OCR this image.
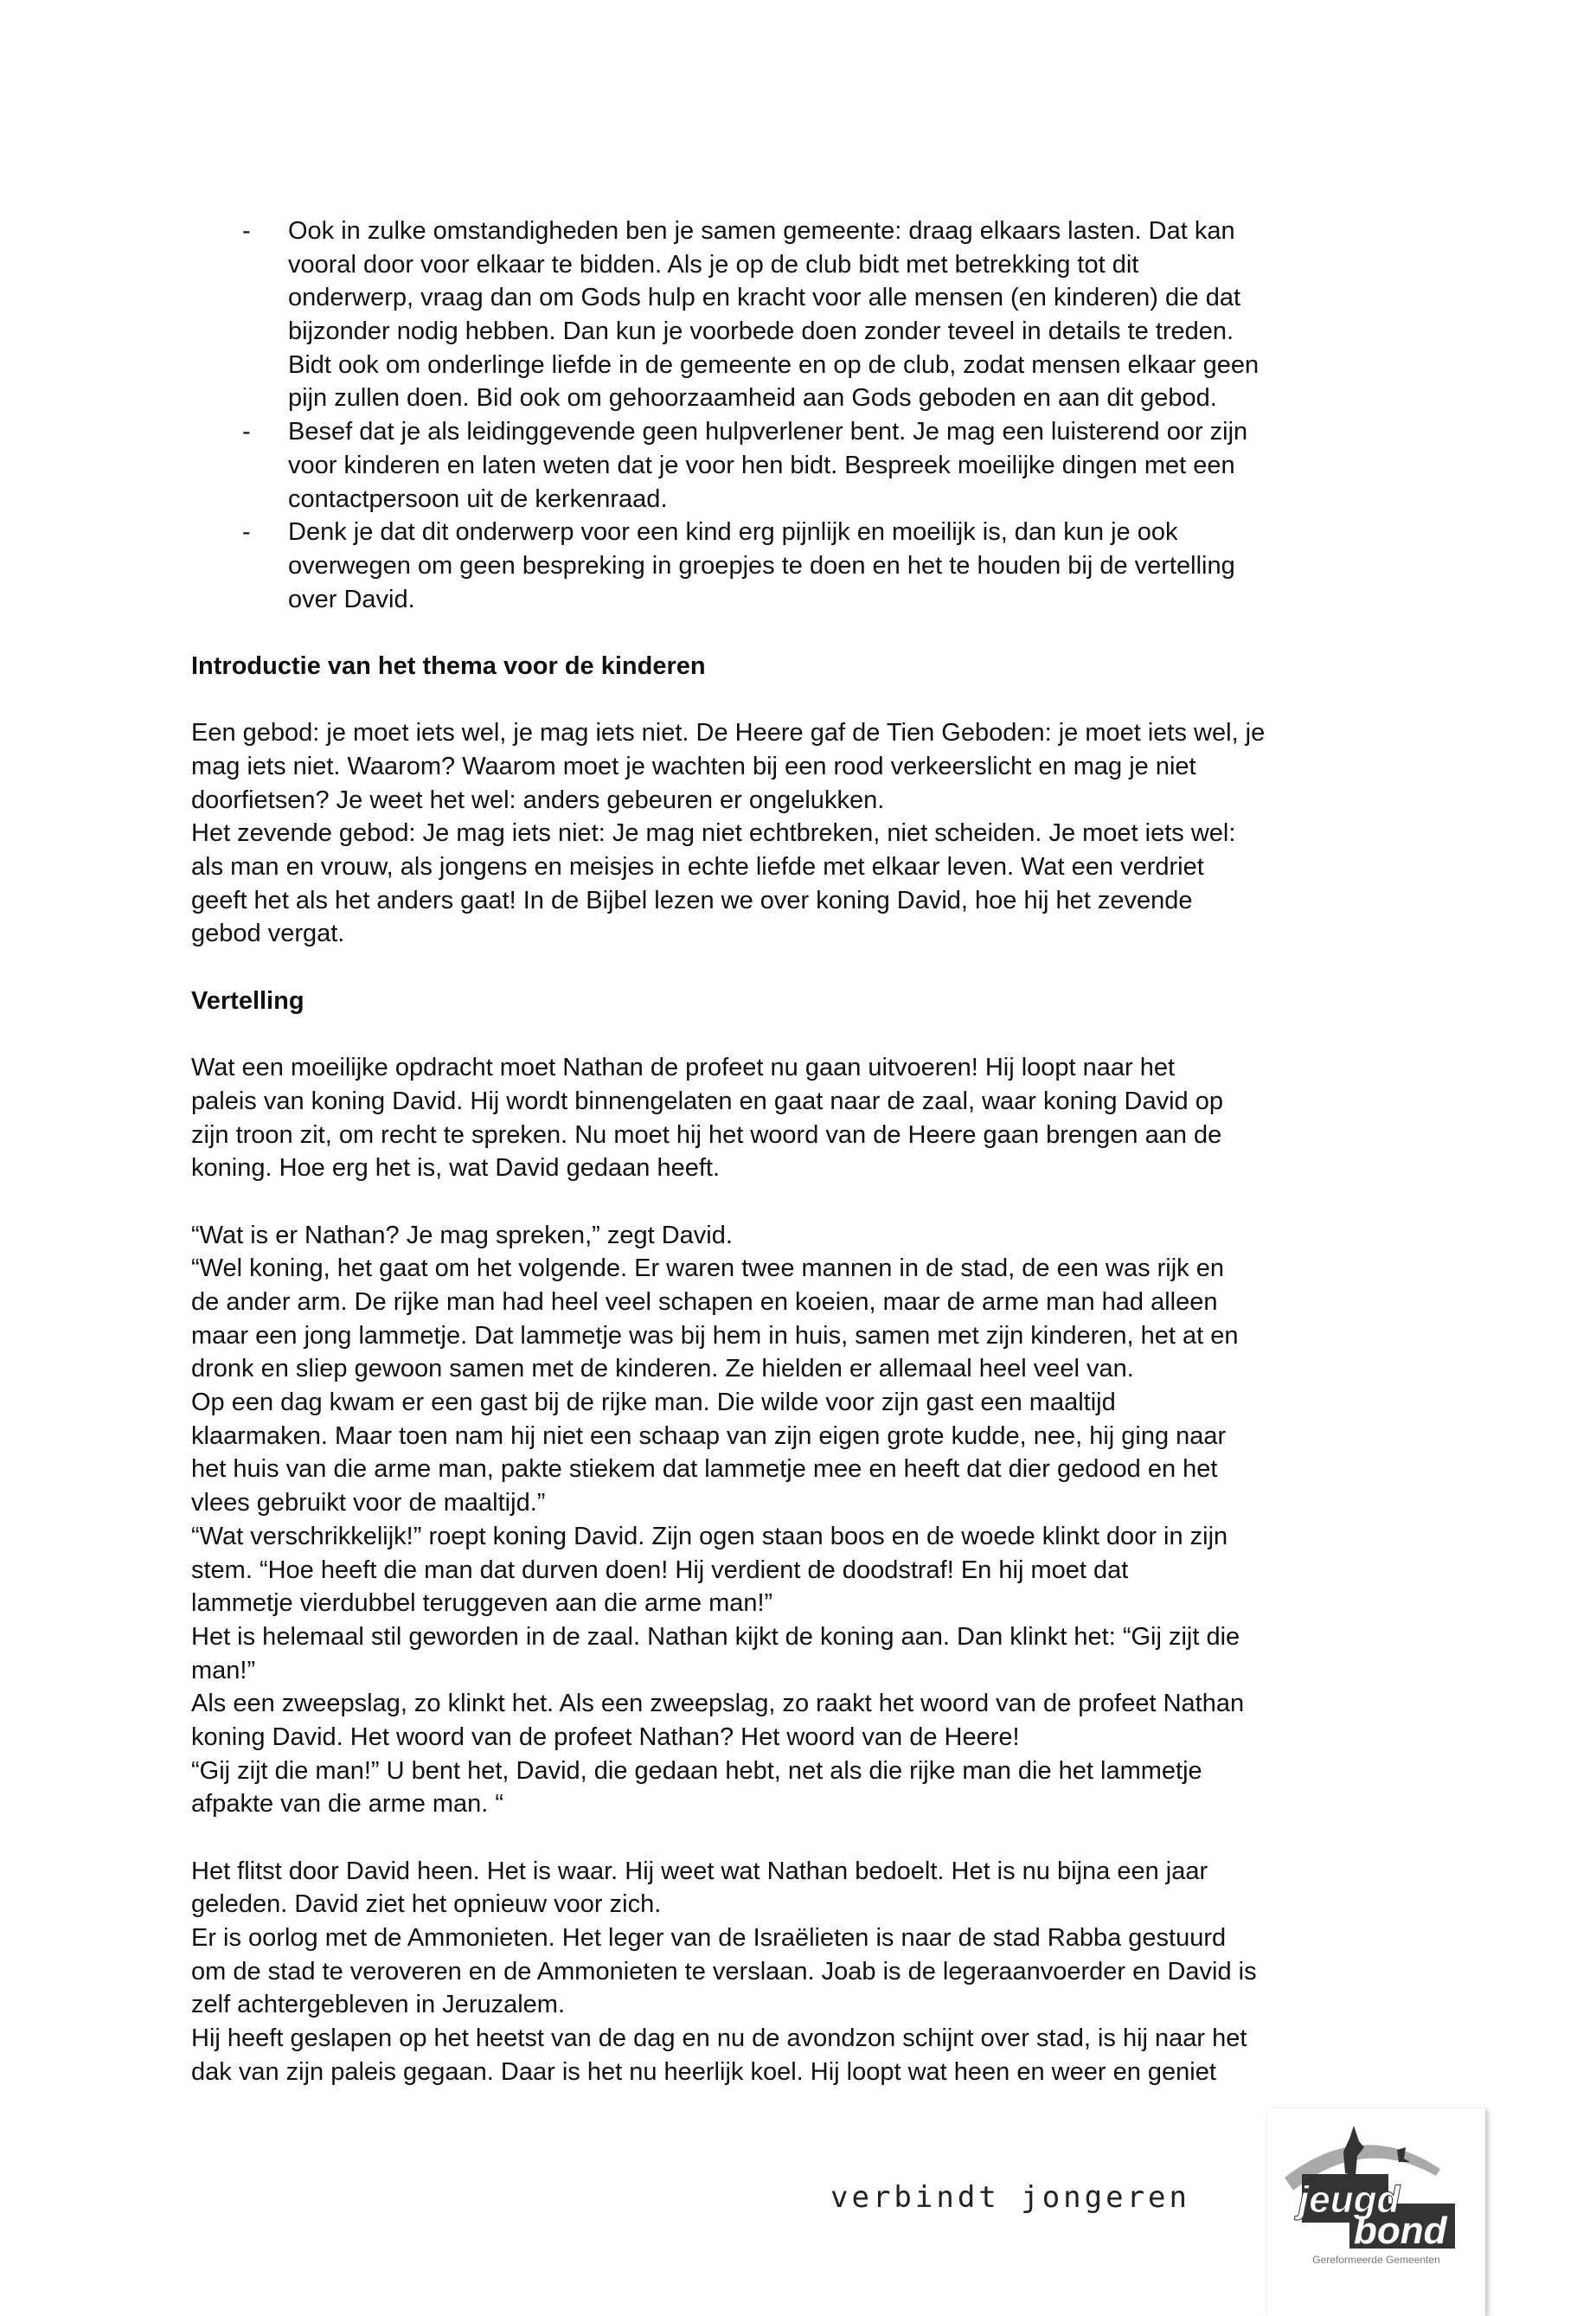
- Ook in zulke omstandigheden ben je samen gemeente: draag elkaars lasten. Dat kan
vooral door voor elkaar te bidden. Als je op de club bidt met betrekking tot dit
onderwerp, vraag dan om Gods hulp en kracht voor alle mensen (en kinderen) die dat
bijzonder nodig hebben. Dan kun je voorbede doen zonder teveel in details te treden.
Bidt ook om onderlinge liefde in de gemeente en op de club, zodat mensen elkaar geen
pijn zullen doen. Bid ook om gehoorzaamheid aan Gods geboden en aan dit gebod.
- Besef dat je als leidinggevende geen hulpverlener bent. Je mag een luisterend oor zijn
voor kinderen en laten weten dat je voor hen bidt. Bespreek moeilijke dingen met een
contactpersoon uit de kerkenraad.
- Denk je dat dit onderwerp voor een kind erg pijnlijk en moeilijk is, dan kun je ook
overwegen om geen bespreking in groepjes te doen en het te houden bij de vertelling
over David.
Introductie van het thema voor de kinderen
Een gebod: je moet iets wel, je mag iets niet. De Heere gaf de Tien Geboden: je moet iets wel, je
mag iets niet. Waarom? Waarom moet je wachten bij een rood verkeerslicht en mag je niet
doorfietsen? Je weet het wel: anders gebeuren er ongelukken.
Het zevende gebod: Je mag iets niet: Je mag niet echtbreken, niet scheiden. Je moet iets wel:
als man en vrouw, als jongens en meisjes in echte liefde met elkaar leven. Wat een verdriet
geeft het als het anders gaat! In de Bijbel lezen we over koning David, hoe hij het zevende
gebod vergat.
Vertelling
Wat een moeilijke opdracht moet Nathan de profeet nu gaan uitvoeren! Hij loopt naar het
paleis van koning David. Hij wordt binnengelaten en gaat naar de zaal, waar koning David op
zijn troon zit, om recht te spreken. Nu moet hij het woord van de Heere gaan brengen aan de
koning. Hoe erg het is, wat David gedaan heeft.
“Wat is er Nathan? Je mag spreken,” zegt David.
“Wel koning, het gaat om het volgende. Er waren twee mannen in de stad, de een was rijk en
de ander arm. De rijke man had heel veel schapen en koeien, maar de arme man had alleen
maar een jong lammetje. Dat lammetje was bij hem in huis, samen met zijn kinderen, het at en
dronk en sliep gewoon samen met de kinderen. Ze hielden er allemaal heel veel van.
Op een dag kwam er een gast bij de rijke man. Die wilde voor zijn gast een maaltijd
klaarmaken. Maar toen nam hij niet een schaap van zijn eigen grote kudde, nee, hij ging naar
het huis van die arme man, pakte stiekem dat lammetje mee en heeft dat dier gedood en het
vlees gebruikt voor de maaltijd.”
“Wat verschrikkelijk!” roept koning David. Zijn ogen staan boos en de woede klinkt door in zijn
stem. “Hoe heeft die man dat durven doen! Hij verdient de doodstraf! En hij moet dat
lammetje vierdubbel teruggeven aan die arme man!”
Het is helemaal stil geworden in de zaal. Nathan kijkt de koning aan. Dan klinkt het: “Gij zijt die
man!”
Als een zweepslag, zo klinkt het. Als een zweepslag, zo raakt het woord van de profeet Nathan
koning David. Het woord van de profeet Nathan? Het woord van de Heere!
“Gij zijt die man!” U bent het, David, die gedaan hebt, net als die rijke man die het lammetje
afpakte van die arme man. “
Het flitst door David heen. Het is waar. Hij weet wat Nathan bedoelt. Het is nu bijna een jaar
geleden. David ziet het opnieuw voor zich.
Er is oorlog met de Ammonieten. Het leger van de Israëlieten is naar de stad Rabba gestuurd
om de stad te veroveren en de Ammonieten te verslaan. Joab is de legeraanvoerder en David is
zelf achtergebleven in Jeruzalem.
Hij heeft geslapen op het heetst van de dag en nu de avondzon schijnt over stad, is hij naar het
dak van zijn paleis gegaan. Daar is het nu heerlijk koel. Hij loopt wat heen en weer en geniet
verbindt jongeren	jeugd
bond
Gereformeerde Gemeenten
